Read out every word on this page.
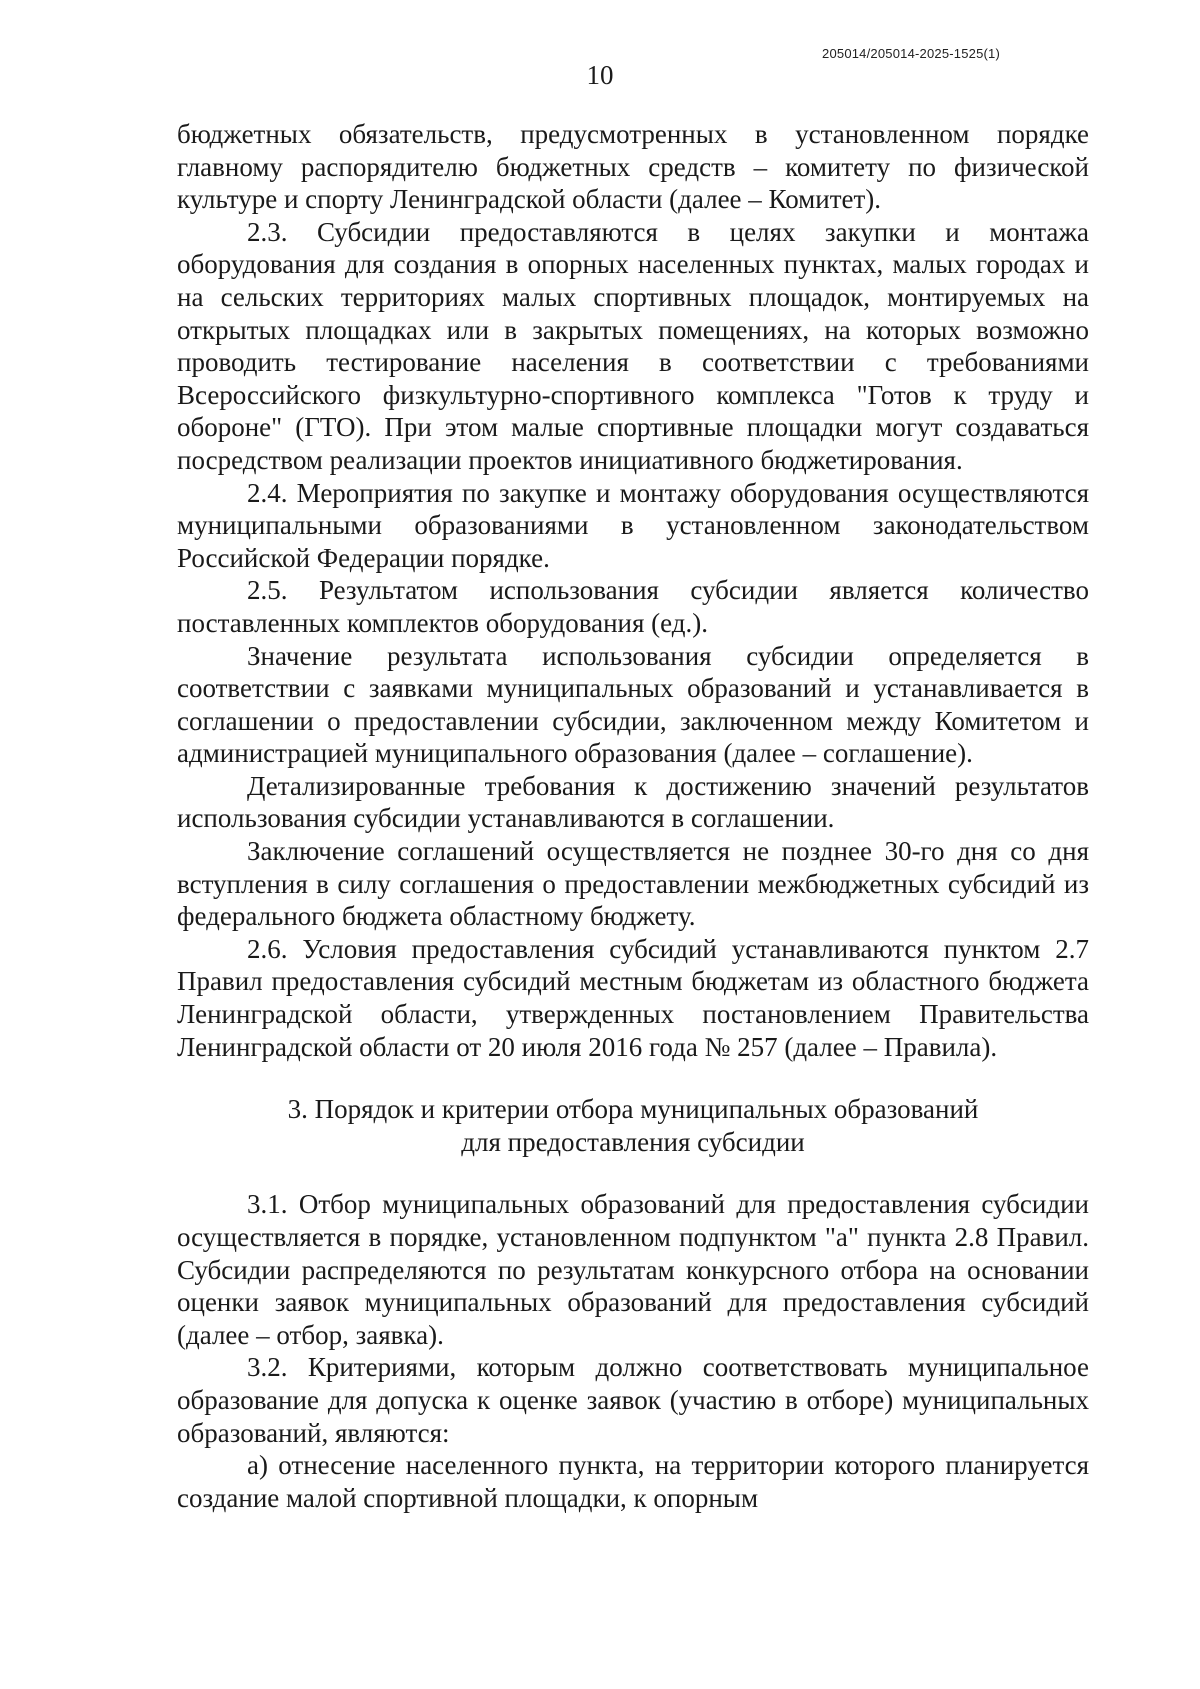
205014/205014-2025-1525(1)
10

бюджетных обязательств, предусмотренных в установленном порядке главному распорядителю бюджетных средств – комитету по физической культуре и спорту Ленинградской области (далее – Комитет).

2.3. Субсидии предоставляются в целях закупки и монтажа оборудования для создания в опорных населенных пунктах, малых городах и на сельских территориях малых спортивных площадок, монтируемых на открытых площадках или в закрытых помещениях, на которых возможно проводить тестирование населения в соответствии с требованиями Всероссийского физкультурно-спортивного комплекса "Готов к труду и обороне" (ГТО). При этом малые спортивные площадки могут создаваться посредством реализации проектов инициативного бюджетирования.

2.4. Мероприятия по закупке и монтажу оборудования осуществляются муниципальными образованиями в установленном законодательством Российской Федерации порядке.

2.5. Результатом использования субсидии является количество поставленных комплектов оборудования (ед.).

Значение результата использования субсидии определяется в соответствии с заявками муниципальных образований и устанавливается в соглашении о предоставлении субсидии, заключенном между Комитетом и администрацией муниципального образования (далее – соглашение).

Детализированные требования к достижению значений результатов использования субсидии устанавливаются в соглашении.

Заключение соглашений осуществляется не позднее 30-го дня со дня вступления в силу соглашения о предоставлении межбюджетных субсидий из федерального бюджета областному бюджету.

2.6. Условия предоставления субсидий устанавливаются пунктом 2.7 Правил предоставления субсидий местным бюджетам из областного бюджета Ленинградской области, утвержденных постановлением Правительства Ленинградской области от 20 июля 2016 года № 257 (далее – Правила).

3. Порядок и критерии отбора муниципальных образований
для предоставления субсидии

3.1. Отбор муниципальных образований для предоставления субсидии осуществляется в порядке, установленном подпунктом "а" пункта 2.8 Правил. Субсидии распределяются по результатам конкурсного отбора на основании оценки заявок муниципальных образований для предоставления субсидий (далее – отбор, заявка).

3.2. Критериями, которым должно соответствовать муниципальное образование для допуска к оценке заявок (участию в отборе) муниципальных образований, являются:

а) отнесение населенного пункта, на территории которого планируется создание малой спортивной площадки, к опорным
